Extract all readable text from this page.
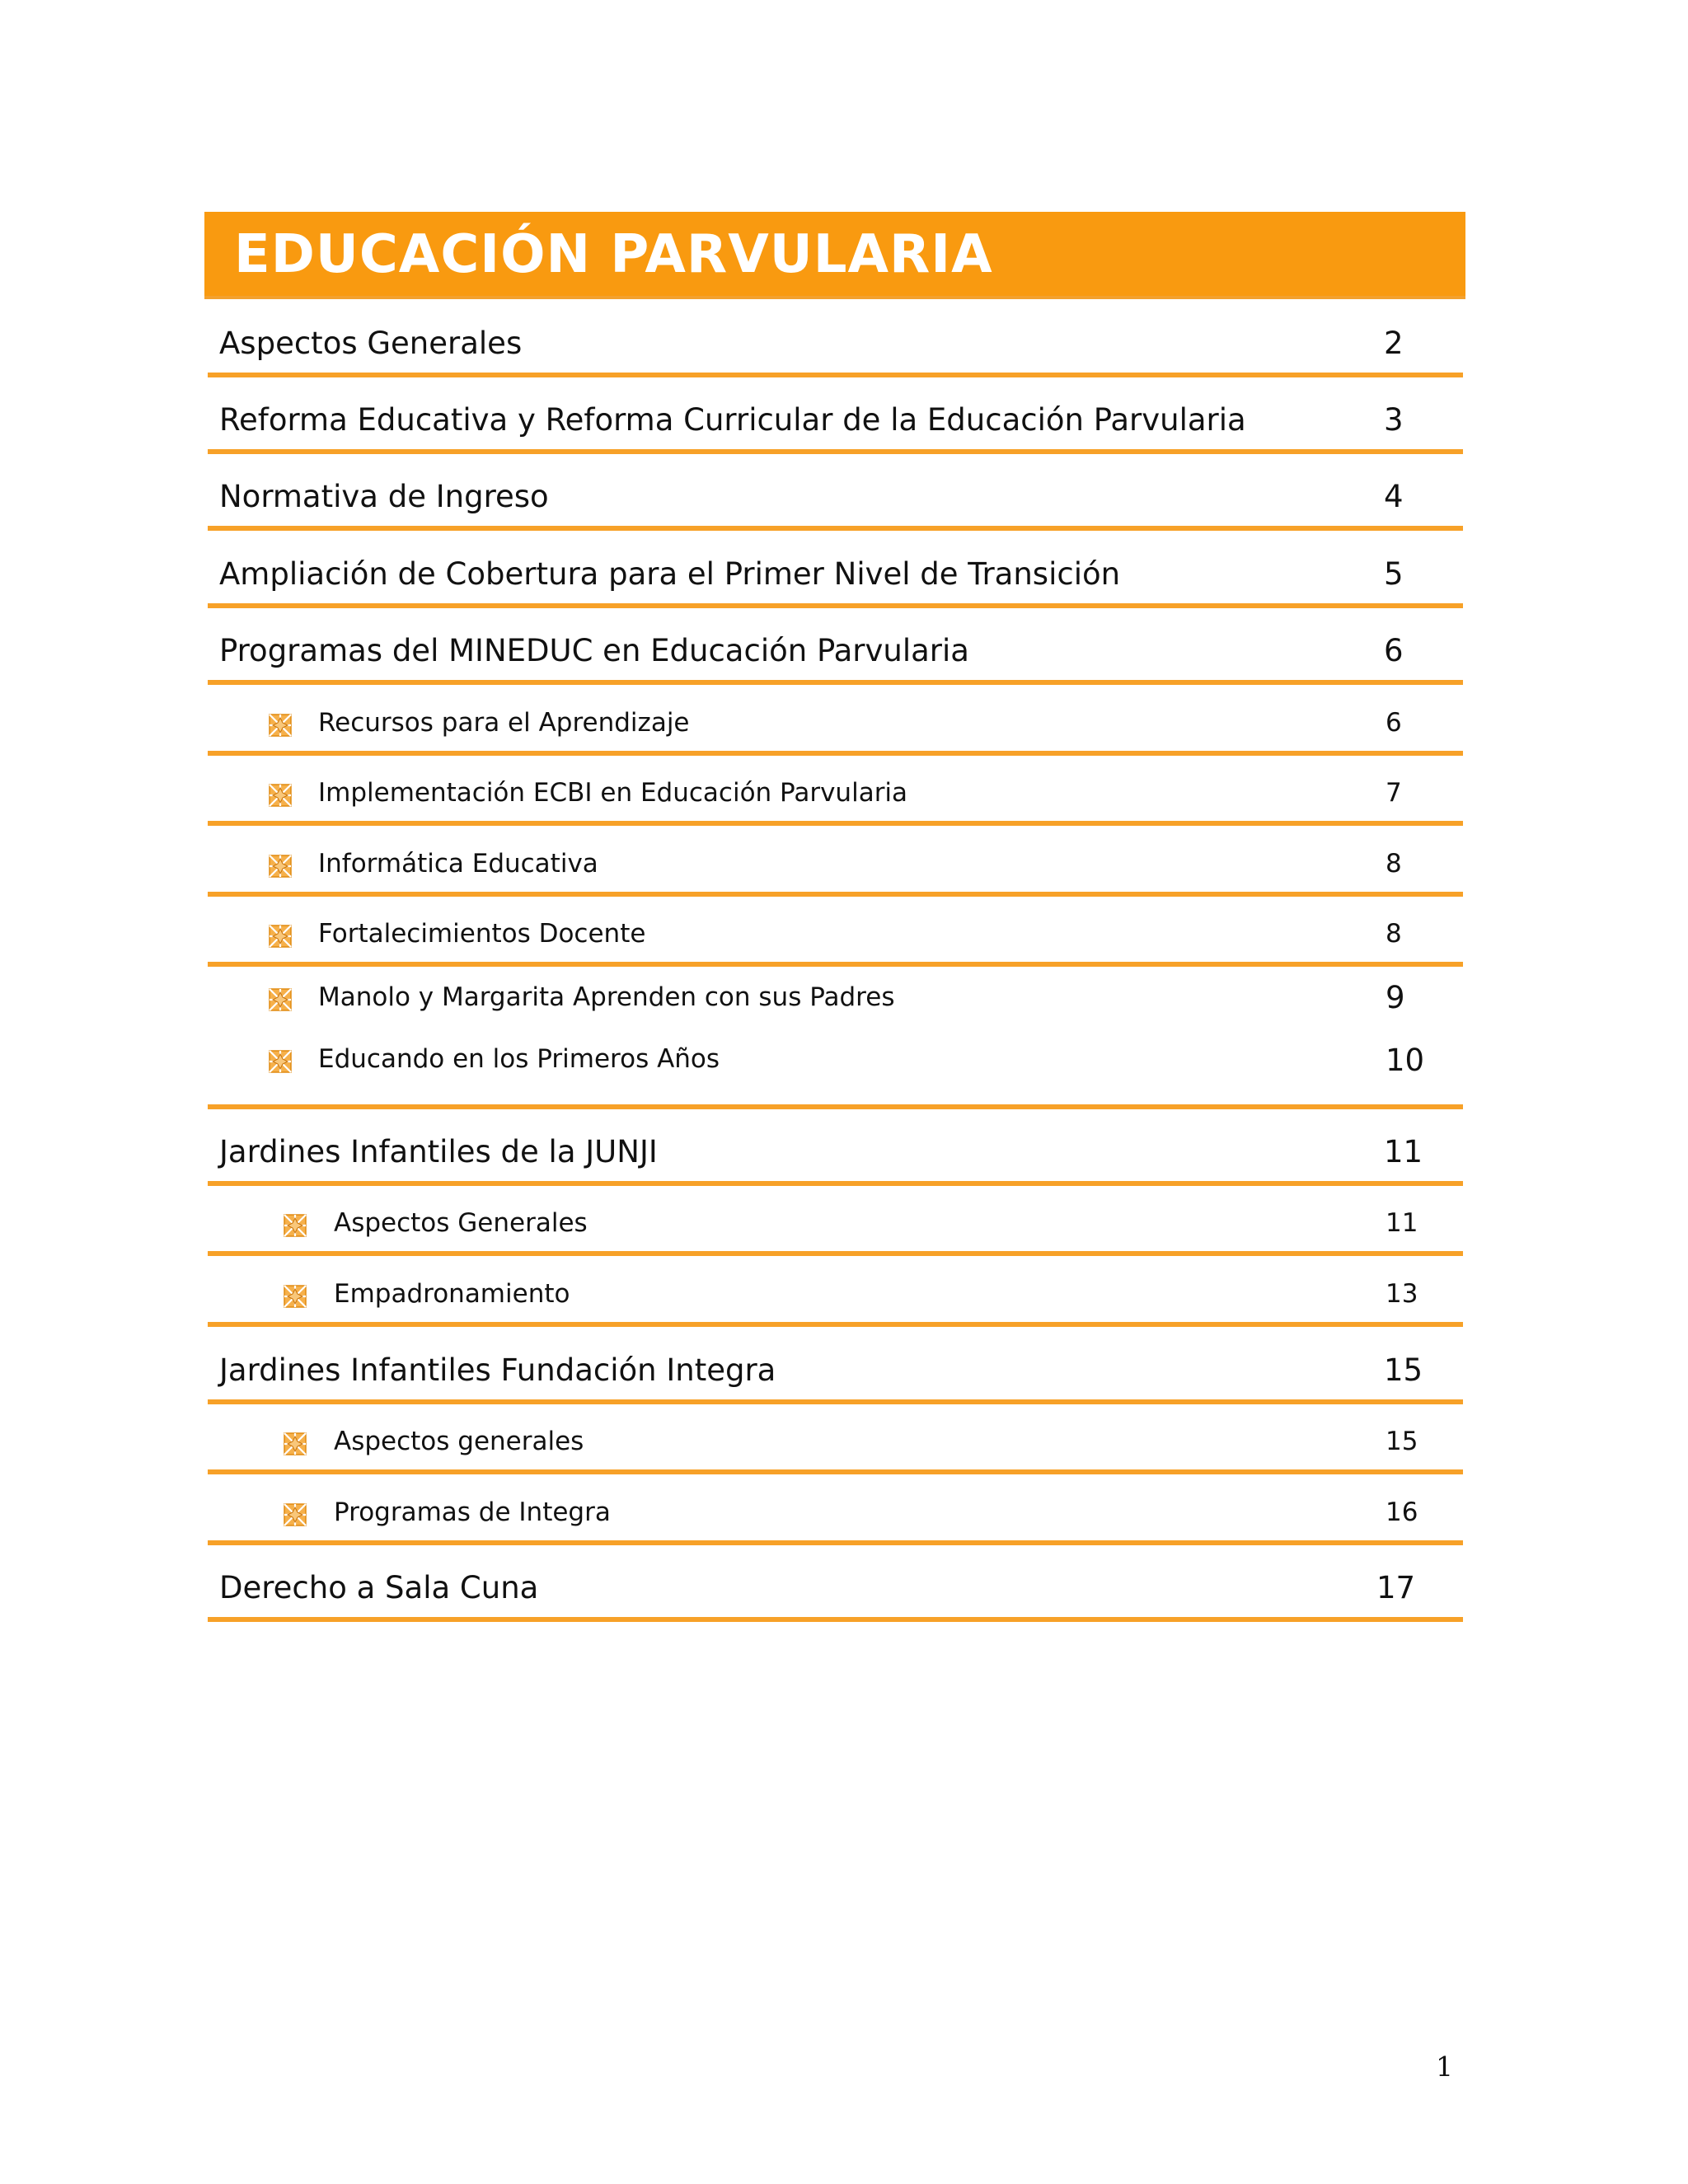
EDUCACIÓN PARVULARIA
Aspectos Generales	2
Reforma Educativa y Reforma Curricular de la Educación Parvularia	3
Normativa de Ingreso	4
Ampliación de Cobertura para el Primer Nivel de Transición	5
Programas del MINEDUC en Educación Parvularia	6
Recursos para el Aprendizaje	6
Implementación ECBI en Educación Parvularia	7
Informática Educativa	8
Fortalecimientos Docente	8
Manolo y Margarita Aprenden con sus Padres	9
Educando en los Primeros Años	10
Jardines Infantiles de la JUNJI	11
Aspectos Generales	11
Empadronamiento	13
Jardines Infantiles Fundación Integra	15
Aspectos generales	15
Programas de Integra	16
Derecho a Sala Cuna	17
1
